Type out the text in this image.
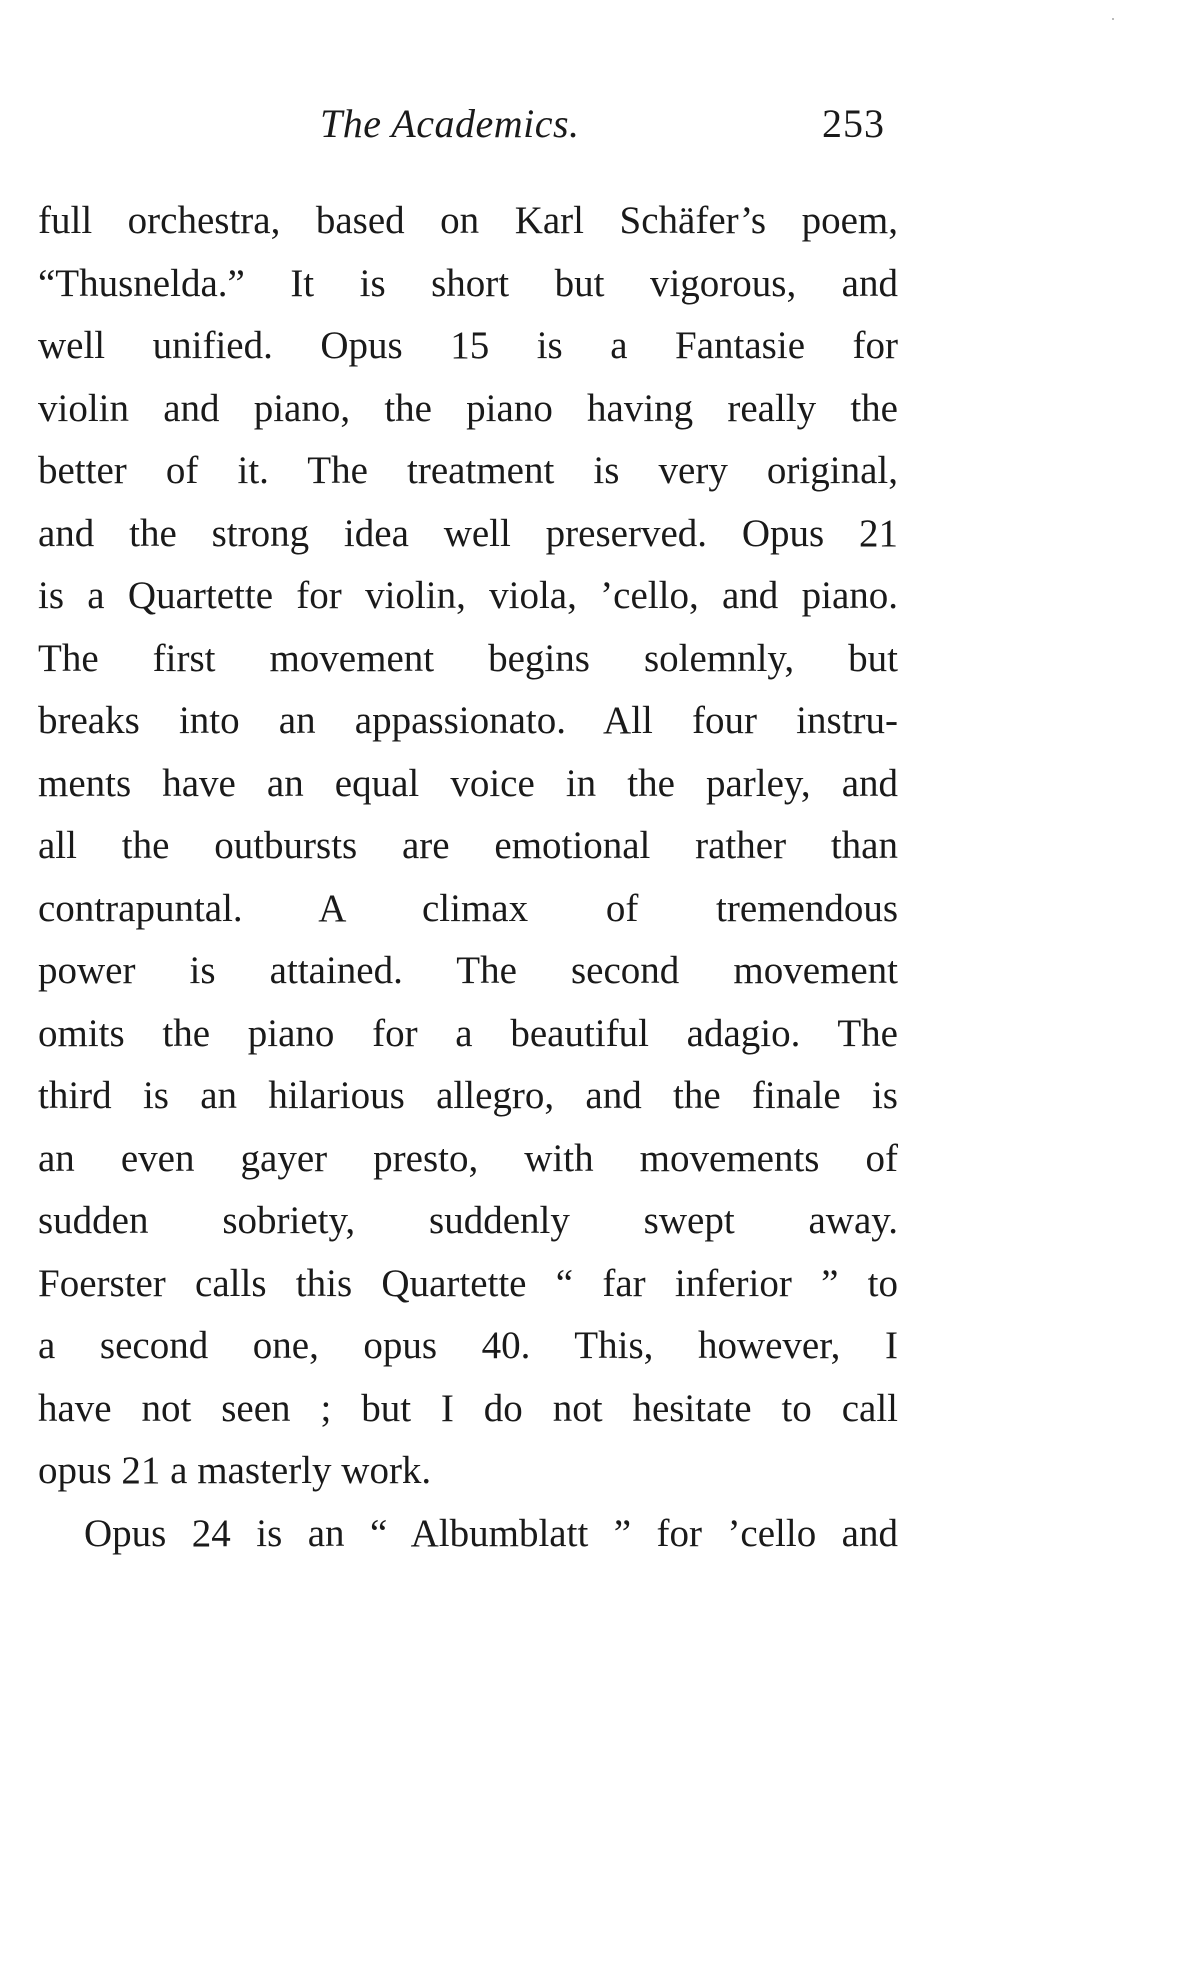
The Academics.	253
full orchestra, based on Karl Schäfer’s poem,
“Thusnelda.” It is short but vigorous, and
well unified. Opus 15 is a Fantasie for
violin and piano, the piano having really the
better of it. The treatment is very original,
and the strong idea well preserved. Opus 21
is a Quartette for violin, viola, ’cello, and piano.
The first movement begins solemnly, but
breaks into an appassionato. All four instru-
ments have an equal voice in the parley, and
all the outbursts are emotional rather than
contrapuntal. A climax of tremendous
power is attained. The second movement
omits the piano for a beautiful adagio. The
third is an hilarious allegro, and the finale is
an even gayer presto, with movements of
sudden sobriety, suddenly swept away.
Foerster calls this Quartette “ far inferior ” to
a second one, opus 40. This, however, I
have not seen ; but I do not hesitate to call
opus 21 a masterly work.
Opus 24 is an “ Albumblatt ” for ’cello and
